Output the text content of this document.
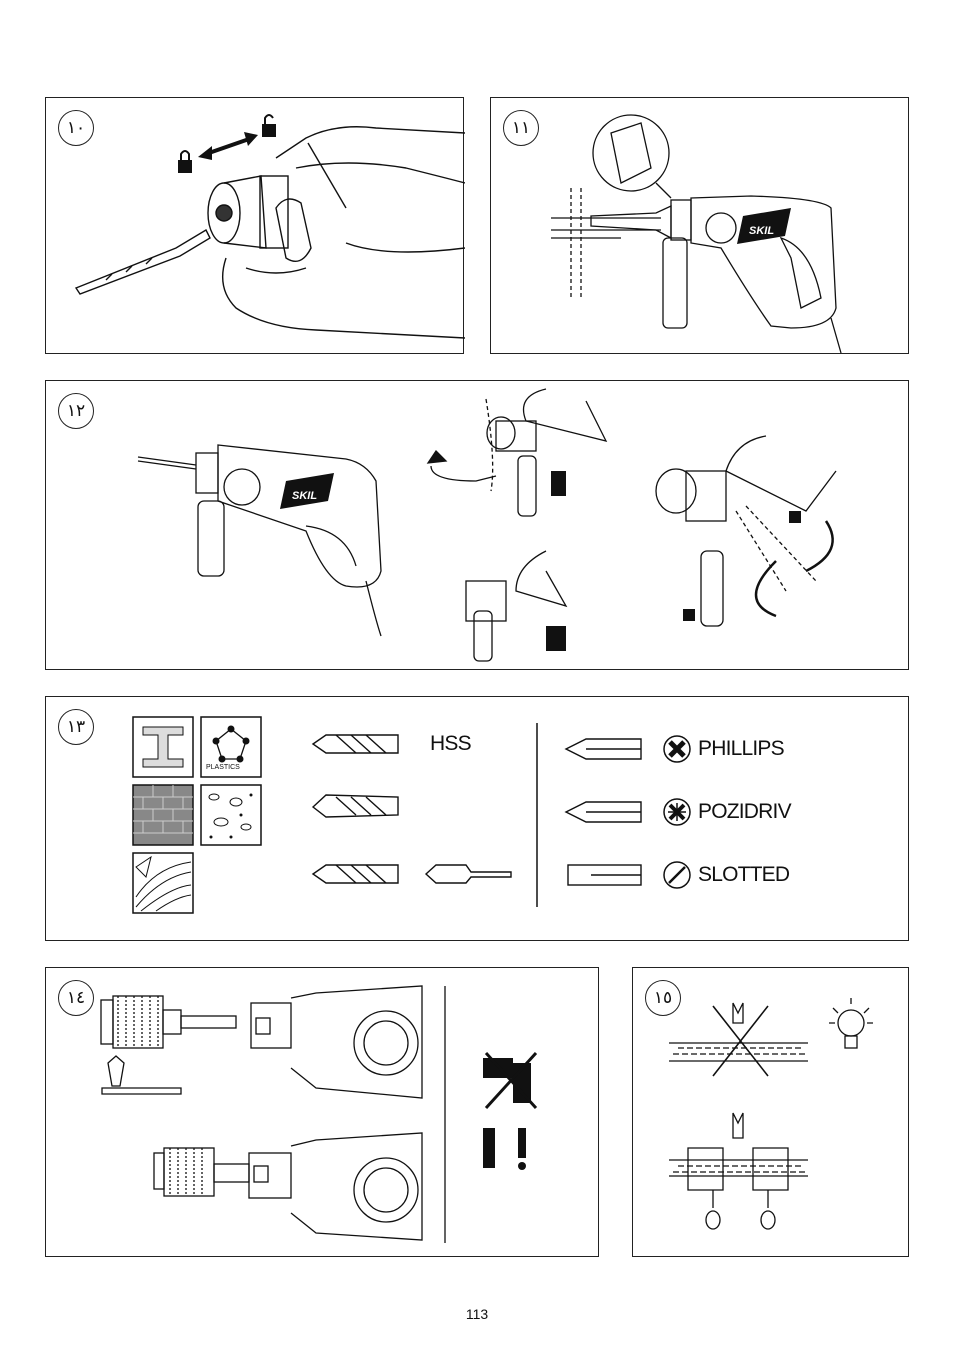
١٠	١١
SKIL
١٢
SKIL
١٣
PLASTICS
HSS	PHILLIPS
POZIDRIV
SLOTTED
١٤	١٥
113
